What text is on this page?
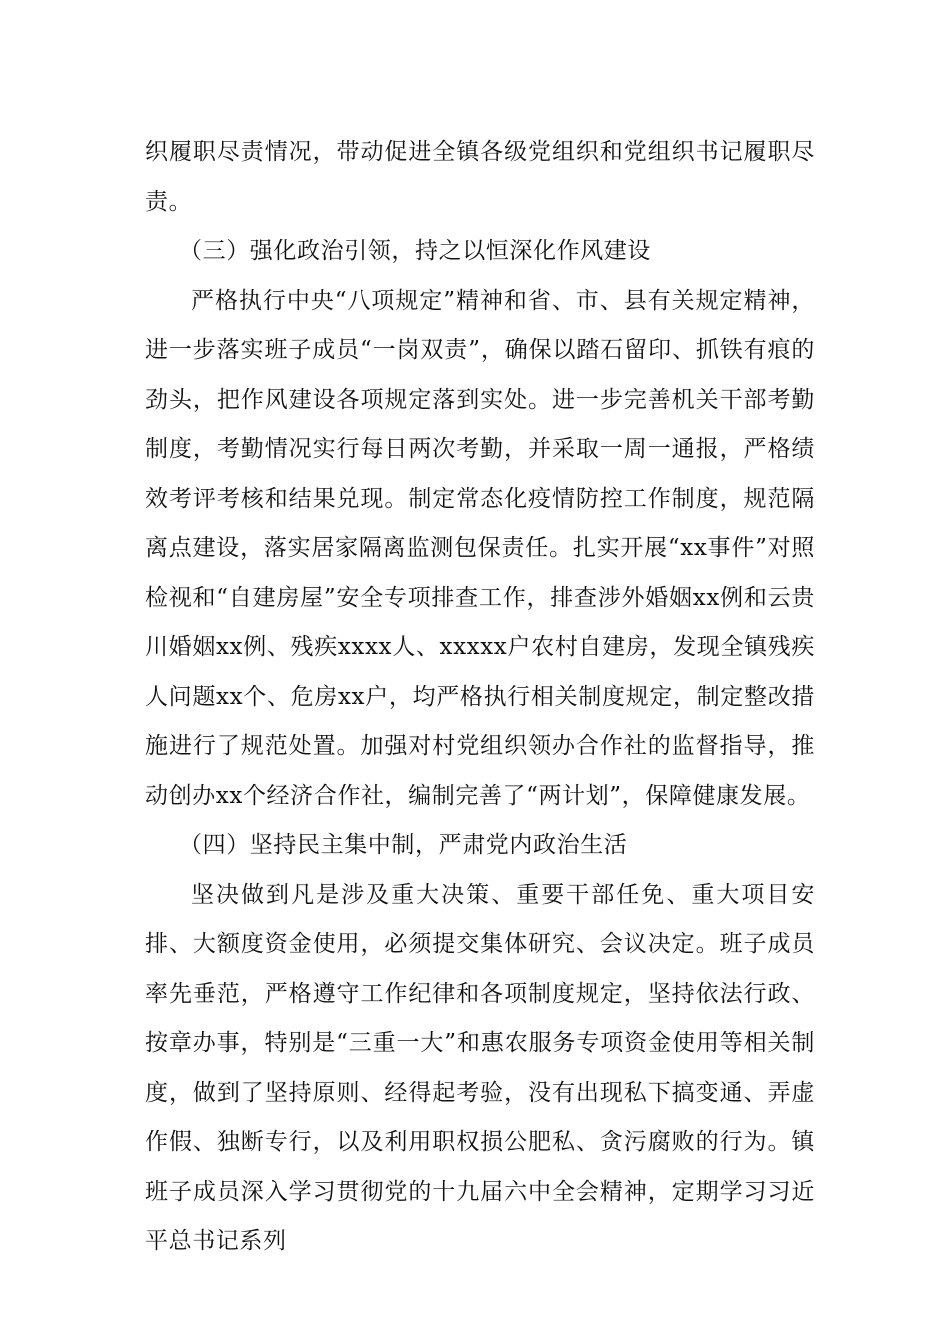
织履职尽责情况，带动促进全镇各级党组织和党组织书记履职尽责。

（三）强化政治引领，持之以恒深化作风建设

严格执行中央“八项规定”精神和省、市、县有关规定精神，进一步落实班子成员“一岗双责”，确保以踏石留印、抓铁有痕的劲头，把作风建设各项规定落到实处。进一步完善机关干部考勤制度，考勤情况实行每日两次考勤，并采取一周一通报，严格绩效考评考核和结果兑现。制定常态化疫情防控工作制度，规范隔离点建设，落实居家隔离监测包保责任。扎实开展“xx事件”对照检视和“自建房屋”安全专项排查工作，排查涉外婚姻xx例和云贵川婚姻xx例、残疾xxxx人、xxxxx户农村自建房，发现全镇残疾人问题xx个、危房xx户，均严格执行相关制度规定，制定整改措施进行了规范处置。加强对村党组织领办合作社的监督指导，推动创办xx个经济合作社，编制完善了“两计划”，保障健康发展。

（四）坚持民主集中制，严肃党内政治生活

坚决做到凡是涉及重大决策、重要干部任免、重大项目安排、大额度资金使用，必须提交集体研究、会议决定。班子成员率先垂范，严格遵守工作纪律和各项制度规定，坚持依法行政、按章办事，特别是“三重一大”和惠农服务专项资金使用等相关制度，做到了坚持原则、经得起考验，没有出现私下搞变通、弄虚作假、独断专行，以及利用职权损公肥私、贪污腐败的行为。镇班子成员深入学习贯彻党的十九届六中全会精神，定期学习习近平总书记系列
